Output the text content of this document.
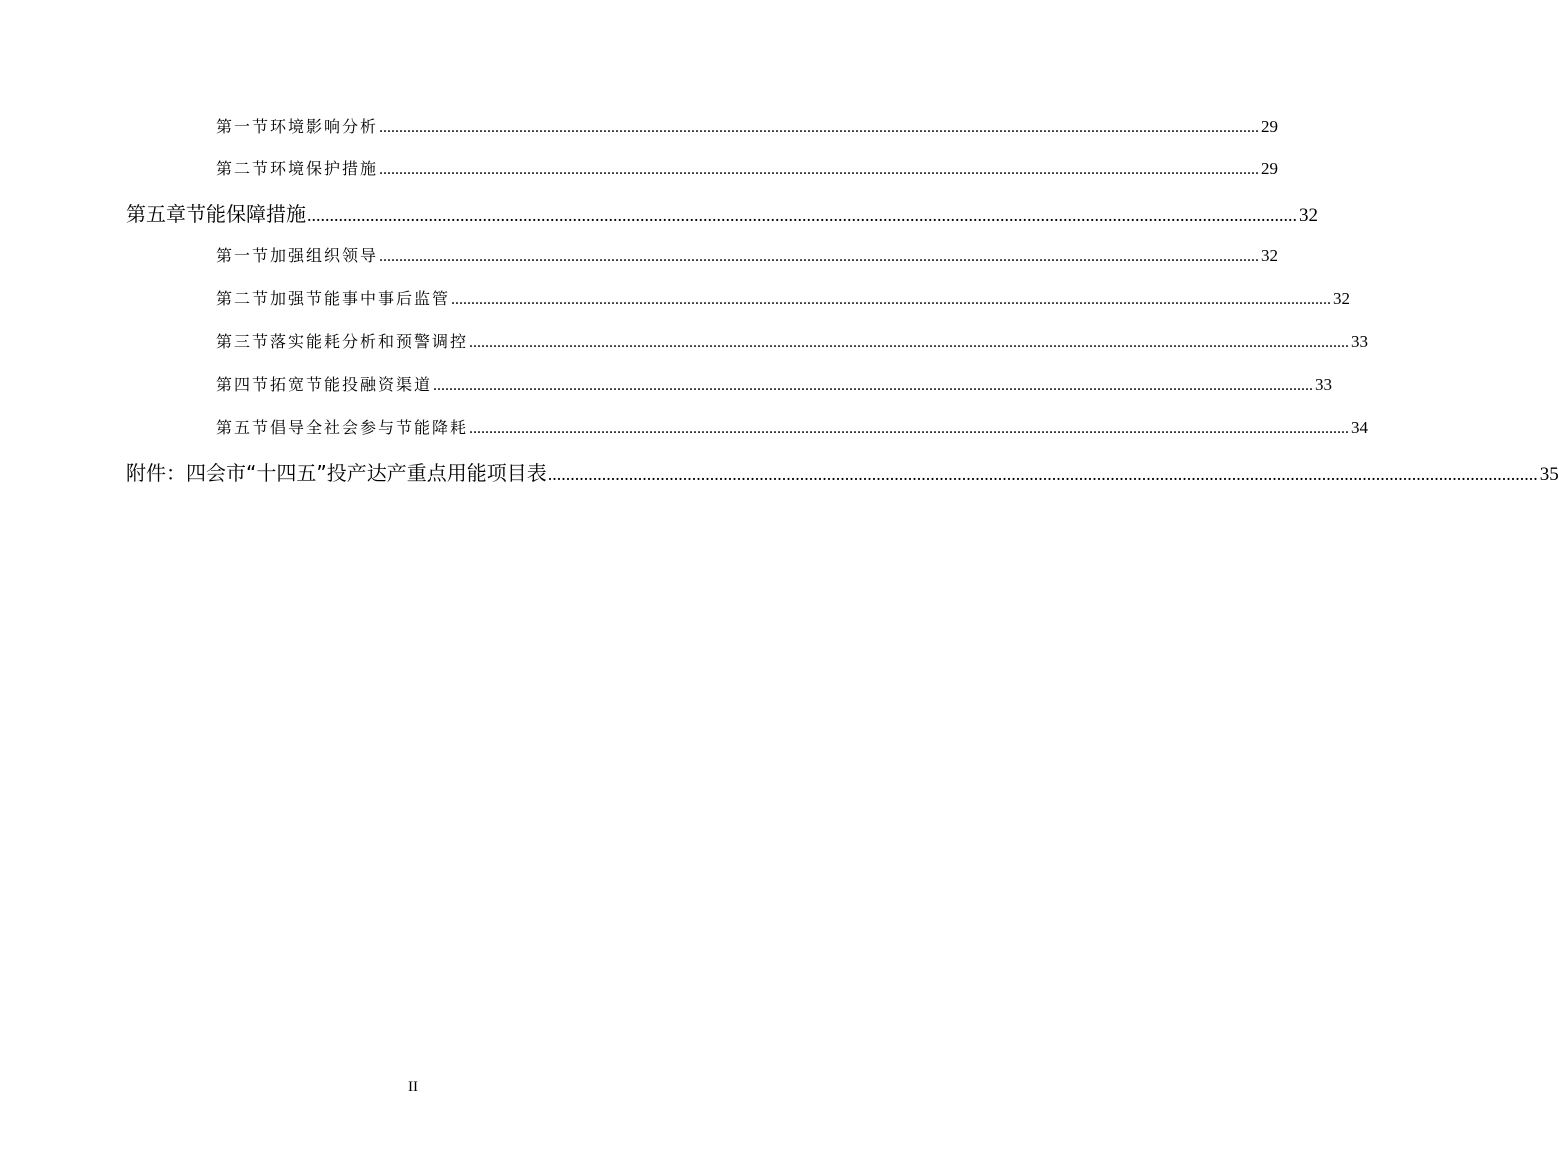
第一节 环境影响分析 ............................................................................................................................................................................................................................ 29
第二节 环境保护措施 ............................................................................................................................................................................................................................ 29
第五章 节能保障措施 ............................................................................................................................................................................................................................ 32
第一节 加强组织领导 ............................................................................................................................................................................................................................ 32
第二节 加强节能事中事后监管 ............................................................................................................................................................................................................................ 32
第三节 落实能耗分析和预警调控 ............................................................................................................................................................................................................................ 33
第四节 拓宽节能投融资渠道 ............................................................................................................................................................................................................................ 33
第五节 倡导全社会参与节能降耗 ............................................................................................................................................................................................................................ 34
附件：四会市“十四五”投产达产重点用能项目表 ............................................................................................................................................................................................................................ 35
II
